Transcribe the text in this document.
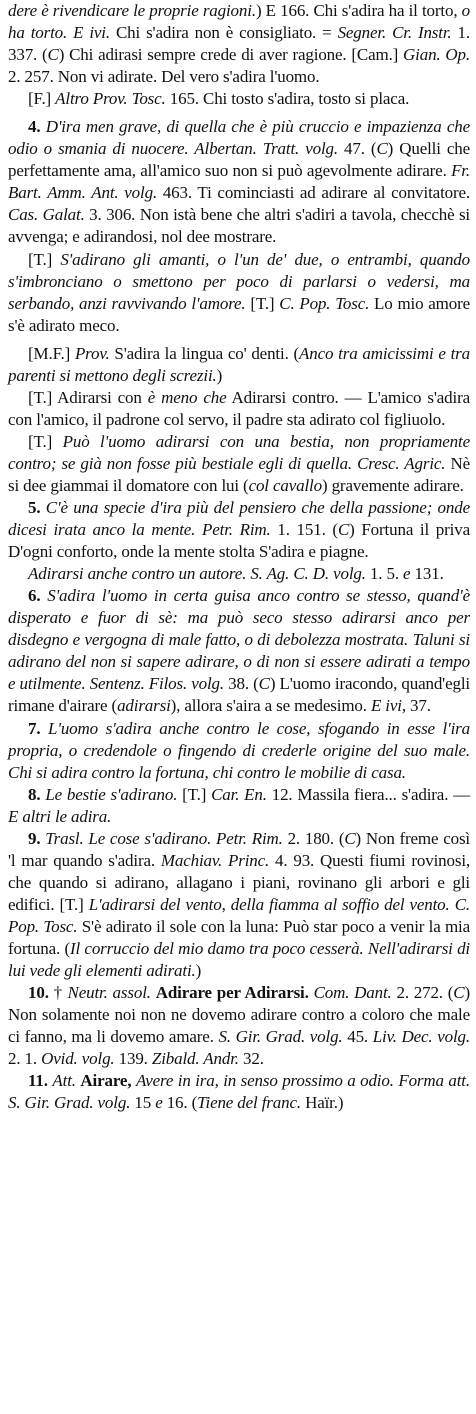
dere è rivendicare le proprie ragioni.) E 166. Chi s'adira ha il torto, o ha torto. E ivi. Chi s'adira non è consigliato. = Segner. Cr. Instr. 1. 337. (C) Chi adirasi sempre crede di aver ragione. [Cam.] Gian. Op. 2. 257. Non vi adirate. Del vero s'adira l'uomo.

[F.] Altro Prov. Tosc. 165. Chi tosto s'adira, tosto si placa.

4. D'ira men grave, di quella che è più cruccio e impazienza che odio o smania di nuocere. Albertan. Tratt. volg. 47. (C) Quelli che perfettamente ama, all'amico suo non si può agevolmente adirare. Fr. Bart. Amm. Ant. volg. 463. Ti cominciasti ad adirare al convitatore. Cas. Galat. 3. 306. Non istà bene che altri s'adiri a tavola, checchè si avvenga; e adirandosi, nol dee mostrare.

[T.] S'adirano gli amanti, o l'un de' due, o entrambi, quando s'imbronciano o smettono per poco di parlarsi o vedersi, ma serbando, anzi ravvivando l'amore. [T.] C. Pop. Tosc. Lo mio amore s'è adirato meco.

[M.F.] Prov. S'adira la lingua co' denti. (Anco tra amicissimi e tra parenti si mettono degli screzii.)

[T.] Adirarsi con è meno che Adirarsi contro. — L'amico s'adira con l'amico, il padrone col servo, il padre sta adirato col figliuolo.

[T.] Può l'uomo adirarsi con una bestia, non propriamente contro; se già non fosse più bestiale egli di quella. Cresc. Agric. Nè si dee giammai il domatore con lui (col cavallo) gravemente adirare.

5. C'è una specie d'ira più del pensiero che della passione; onde dicesi irata anco la mente. Petr. Rim. 1. 151. (C) Fortuna il priva D'ogni conforto, onde la mente stolta S'adira e piagne.

Adirarsi anche contro un autore. S. Ag. C. D. volg. 1. 5. e 131.

6. S'adira l'uomo in certa guisa anco contro se stesso, quand'è disperato e fuor di sè: ma può seco stesso adirarsi anco per disdegno e vergogna di male fatto, o di debolezza mostrata. Taluni si adirano del non si sapere adirare, o di non si essere adirati a tempo e utilmente. Sentenz. Filos. volg. 38. (C) L'uomo iracondo, quand'egli rimane d'airare (adirarsi), allora s'aira a se medesimo. E ivi, 37.

7. L'uomo s'adira anche contro le cose, sfogando in esse l'ira propria, o credendole o fingendo di crederle origine del suo male. Chi si adira contro la fortuna, chi contro le mobilie di casa.

8. Le bestie s'adirano. [T.] Car. En. 12. Massila fiera... s'adira. — E altri le adira.

9. Trasl. Le cose s'adirano. Petr. Rim. 2. 180. (C) Non freme così 'l mar quando s'adira. Machiav. Princ. 4. 93. Questi fiumi rovinosi, che quando si adirano, allagano i piani, rovinano gli arbori e gli edifici. [T.] L'adirarsi del vento, della fiamma al soffio del vento. C. Pop. Tosc. S'è adirato il sole con la luna: Può star poco a venir la mia fortuna. (Il corruccio del mio damo tra poco cesserà. Nell'adirarsi di lui vede gli elementi adirati.)

10. † Neutr. assol. Adirare per Adirarsi. Com. Dant. 2. 272. (C) Non solamente noi non ne dovemo adirare contro a coloro che male ci fanno, ma li dovemo amare. S. Gir. Grad. volg. 45. Liv. Dec. volg. 2. 1. Ovid. volg. 139. Zibald. Andr. 32.

11. Att. Airare, Avere in ira, in senso prossimo a odio. Forma att. S. Gir. Grad. volg. 15 e 16. (Tiene del franc. Haïr.)
